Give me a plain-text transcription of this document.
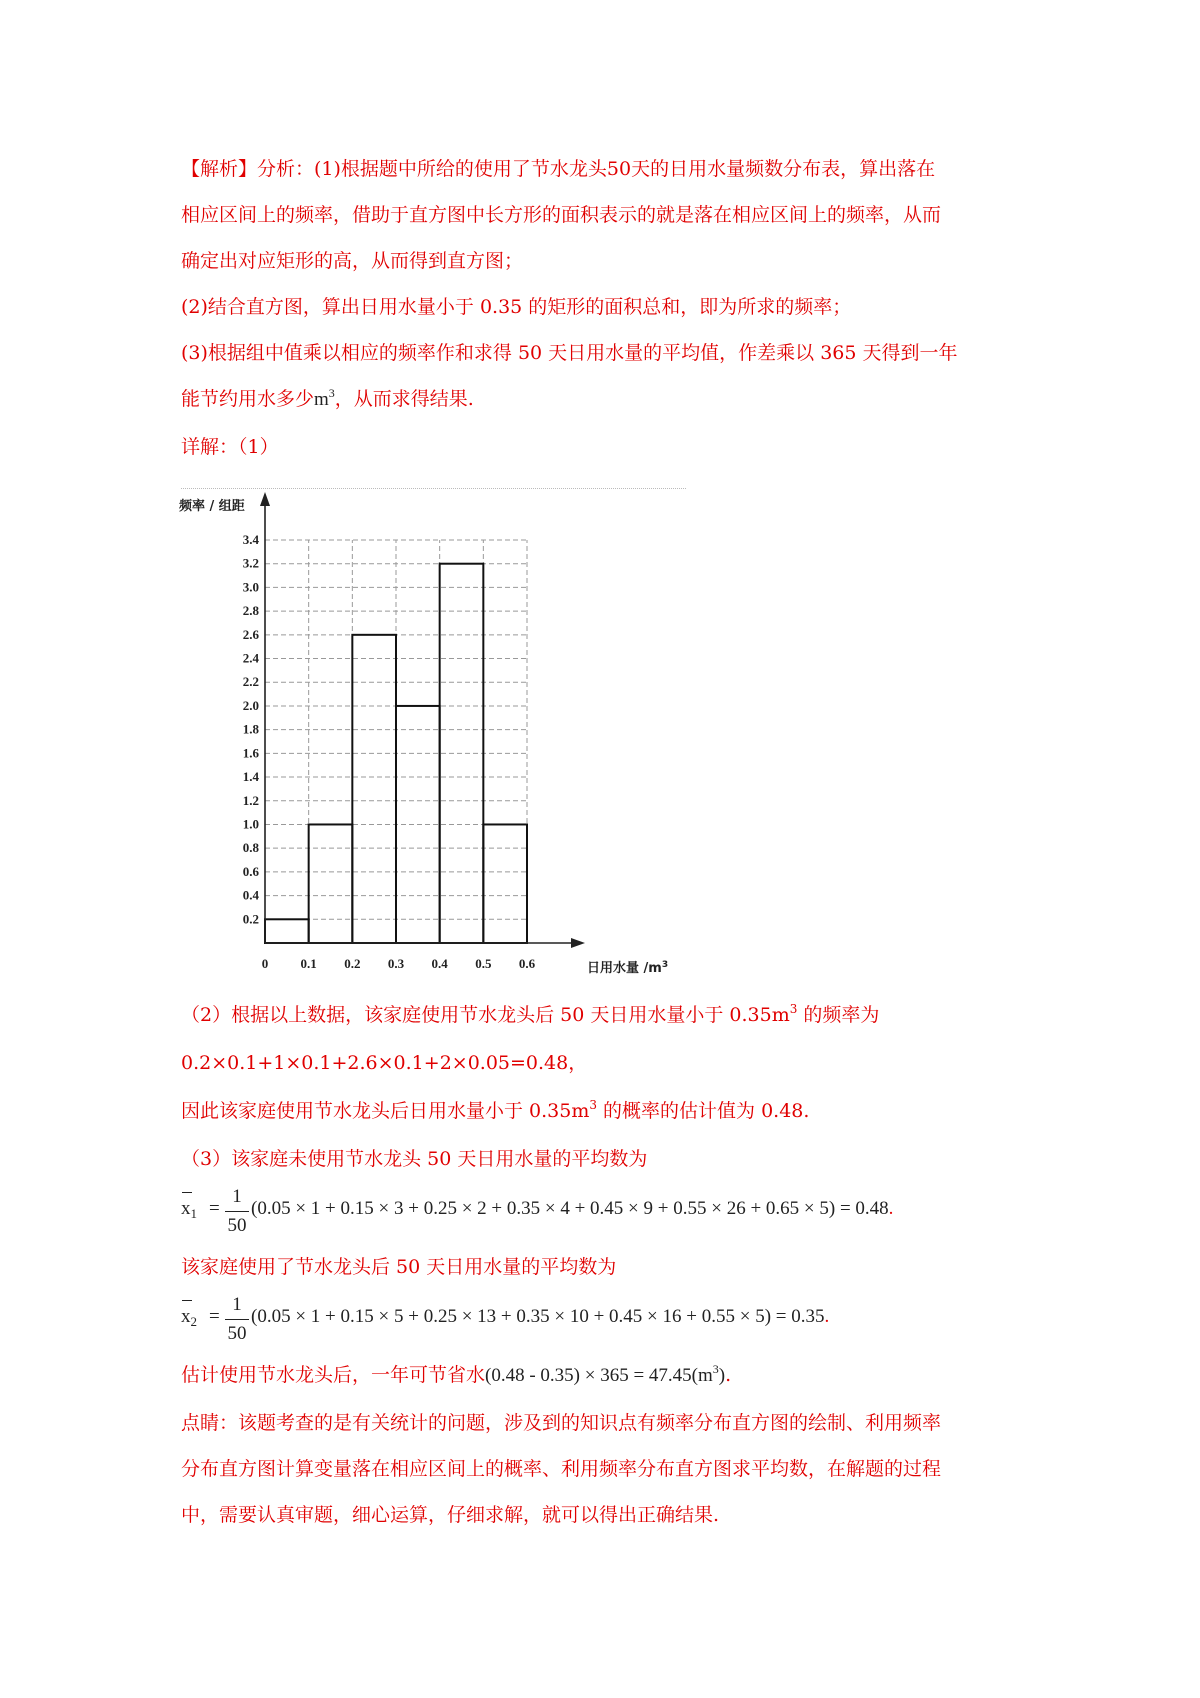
【解析】分析：(1)根据题中所给的使用了节水龙头50天的日用水量频数分布表，算出落在
相应区间上的频率，借助于直方图中长方形的面积表示的就是落在相应区间上的频率，从而
确定出对应矩形的高，从而得到直方图；
(2)结合直方图，算出日用水量小于 0.35 的矩形的面积总和，即为所求的频率；
(3)根据组中值乘以相应的频率作和求得 50 天日用水量的平均值，作差乘以 365 天得到一年
能节约用水多少$m^3$，从而求得结果.
详解：（1）
0.2
0.4
0.6
0.8
1.0
1.2
1.4
1.6
1.8
2.0
2.2
2.4
2.6
2.8
3.0
3.2
3.4
0 0.1 0.2 0.3 0.4 0.5 0.6
频率 / 组距
日用水量 $/m^3$
（2）根据以上数据，该家庭使用节水龙头后 50 天日用水量小于 $0.35m^3$ 的频率为
0.2×0.1+1×0.1+2.6×0.1+2×0.05=0.48，
因此该家庭使用节水龙头后日用水量小于 $0.35m^3$ 的概率的估计值为 0.48.
（3）该家庭未使用节水龙头 50 天日用水量的平均数为
$x_1$ =
1
50
(0.05 × 1 + 0.15 × 3 + 0.25 × 2 + 0.35 × 4 + 0.45 × 9 + 0.55 × 26 + 0.65 × 5) = 0.48.
该家庭使用了节水龙头后 50 天日用水量的平均数为
$x_2$ =
1
50
(0.05 × 1 + 0.15 × 5 + 0.25 × 13 + 0.35 × 10 + 0.45 × 16 + 0.55 × 5) = 0.35.
估计使用节水龙头后，一年可节省水$(0.48 - 0.35) \times 365 = 47.45(m^3)$.
点睛：该题考查的是有关统计的问题，涉及到的知识点有频率分布直方图的绘制、利用频率
分布直方图计算变量落在相应区间上的概率、利用频率分布直方图求平均数，在解题的过程
中，需要认真审题，细心运算，仔细求解，就可以得出正确结果.
